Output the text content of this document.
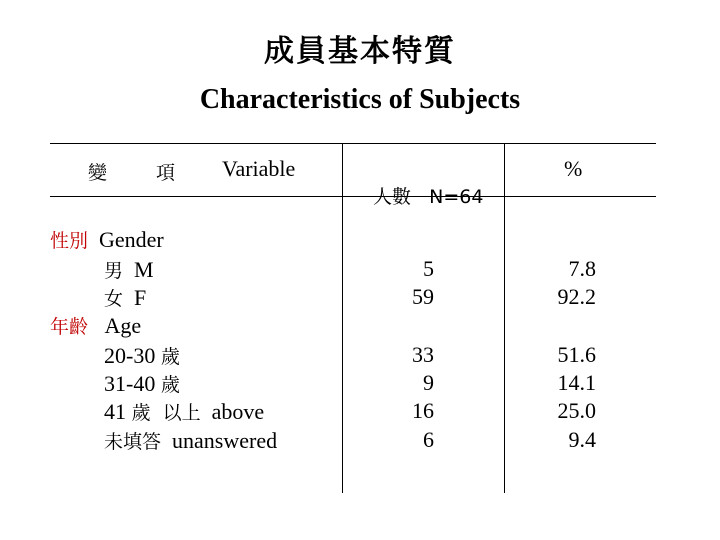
成員基本特質
Characteristics of Subjects
變	項 Variable

人數   N=64

%
性別 Gender
男 M
女 F
年齡 Age
20-30 歲
31-40 歲
41 歲  以上 above
未填答 unanswered
5
59
33
9
16
6
7.8
92.2
51.6
14.1
25.0
9.4
